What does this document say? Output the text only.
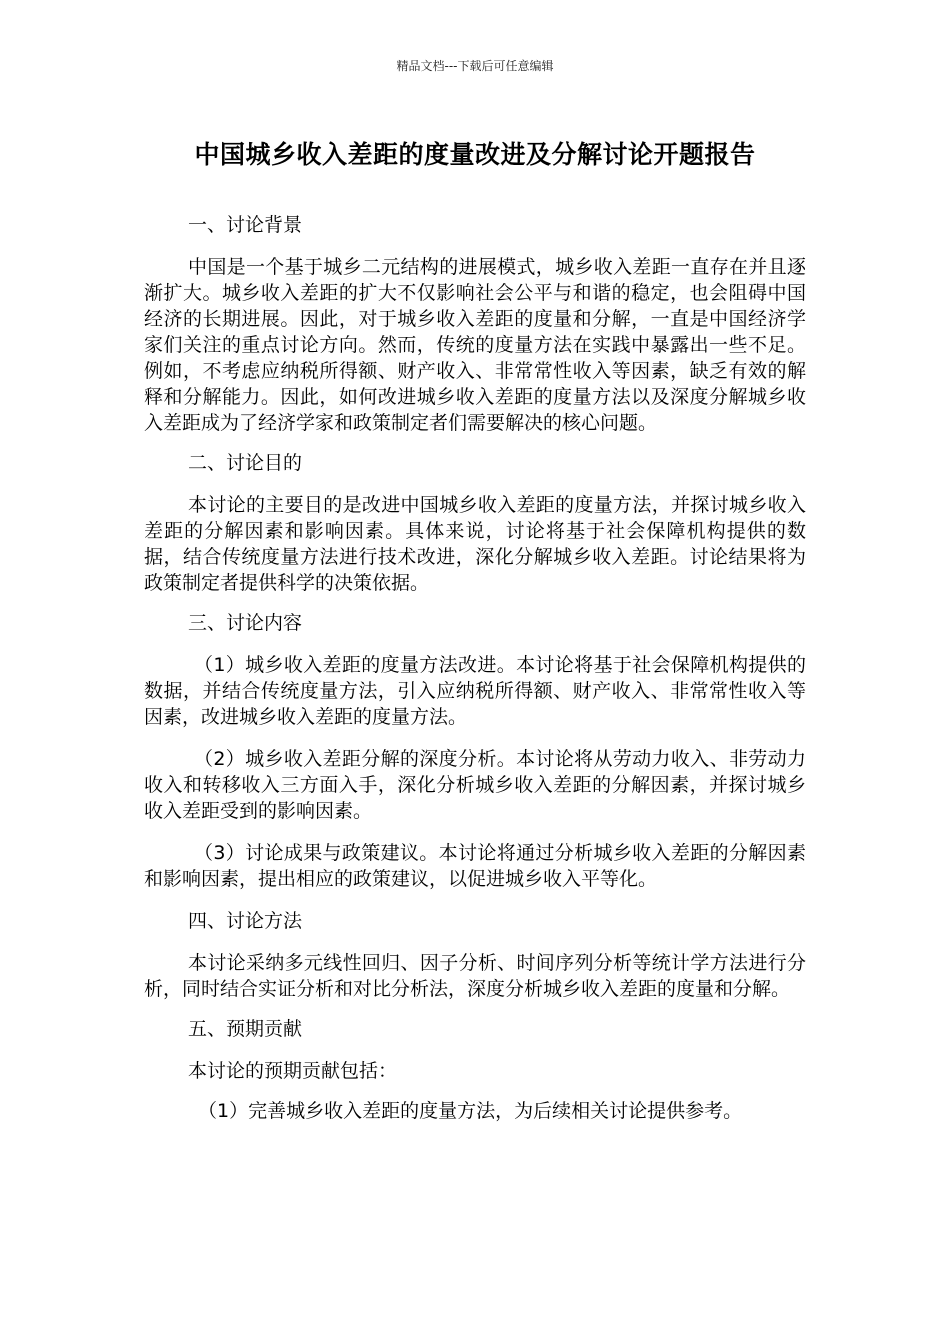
精品文档---下载后可任意编辑
中国城乡收入差距的度量改进及分解讨论开题报告

一、讨论背景

中国是一个基于城乡二元结构的进展模式，城乡收入差距一直存在并且逐渐扩大。城乡收入差距的扩大不仅影响社会公平与和谐的稳定，也会阻碍中国经济的长期进展。因此，对于城乡收入差距的度量和分解，一直是中国经济学家们关注的重点讨论方向。然而，传统的度量方法在实践中暴露出一些不足。例如，不考虑应纳税所得额、财产收入、非常常性收入等因素，缺乏有效的解释和分解能力。因此，如何改进城乡收入差距的度量方法以及深度分解城乡收入差距成为了经济学家和政策制定者们需要解决的核心问题。

二、讨论目的

本讨论的主要目的是改进中国城乡收入差距的度量方法，并探讨城乡收入差距的分解因素和影响因素。具体来说，讨论将基于社会保障机构提供的数据，结合传统度量方法进行技术改进，深化分解城乡收入差距。讨论结果将为政策制定者提供科学的决策依据。

三、讨论内容

（1）城乡收入差距的度量方法改进。本讨论将基于社会保障机构提供的数据，并结合传统度量方法，引入应纳税所得额、财产收入、非常常性收入等因素，改进城乡收入差距的度量方法。

（2）城乡收入差距分解的深度分析。本讨论将从劳动力收入、非劳动力收入和转移收入三方面入手，深化分析城乡收入差距的分解因素，并探讨城乡收入差距受到的影响因素。

（3）讨论成果与政策建议。本讨论将通过分析城乡收入差距的分解因素和影响因素，提出相应的政策建议，以促进城乡收入平等化。

四、讨论方法

本讨论采纳多元线性回归、因子分析、时间序列分析等统计学方法进行分析，同时结合实证分析和对比分析法，深度分析城乡收入差距的度量和分解。

五、预期贡献

本讨论的预期贡献包括：

（1）完善城乡收入差距的度量方法，为后续相关讨论提供参考。
